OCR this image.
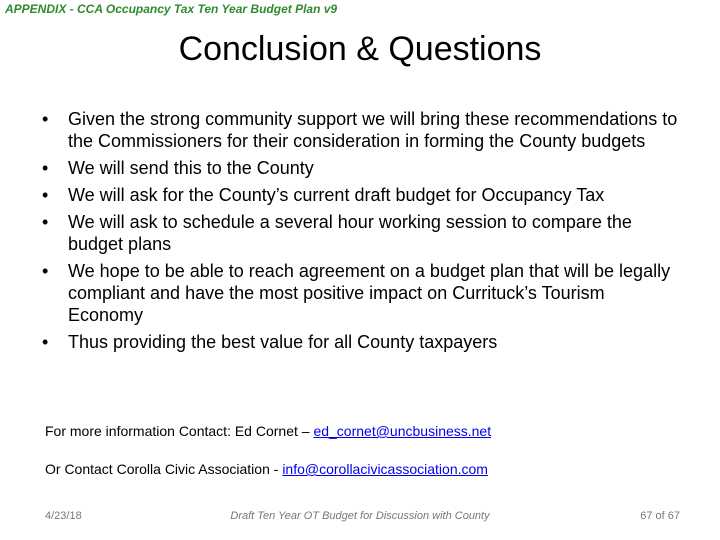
APPENDIX - CCA Occupancy Tax Ten Year Budget Plan v9
Conclusion & Questions
• Given the strong community support we will bring these recommendations to the Commissioners for their consideration in forming the County budgets
• We will send this to the County
• We will ask for the County’s current draft budget for Occupancy Tax
• We will ask to schedule a several hour working session to compare the budget plans
• We hope to be able to reach agreement on a budget plan that will be legally compliant and have the most positive impact on Currituck’s Tourism Economy
• Thus providing the best value for all County taxpayers
For more information Contact: Ed Cornet – ed_cornet@uncbusiness.net
Or Contact Corolla Civic Association - info@corollacivicassociation.com
4/23/18	Draft Ten Year OT Budget for Discussion with County	67 of 67
